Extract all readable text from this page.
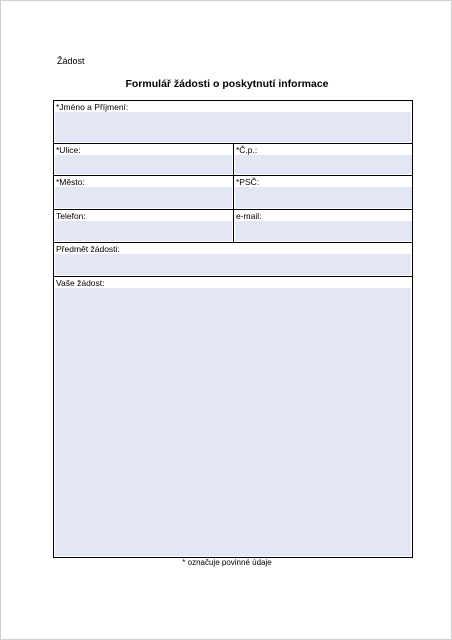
Žádost
Formulář žádosti o poskytnutí informace
*Jméno a Příjmení:
*Ulice:	*Č.p.:
*Město:	*PSČ:
Telefon:	e-mail:
Předmět žádosti:
Vaše žádost:
* označuje povinné údaje
